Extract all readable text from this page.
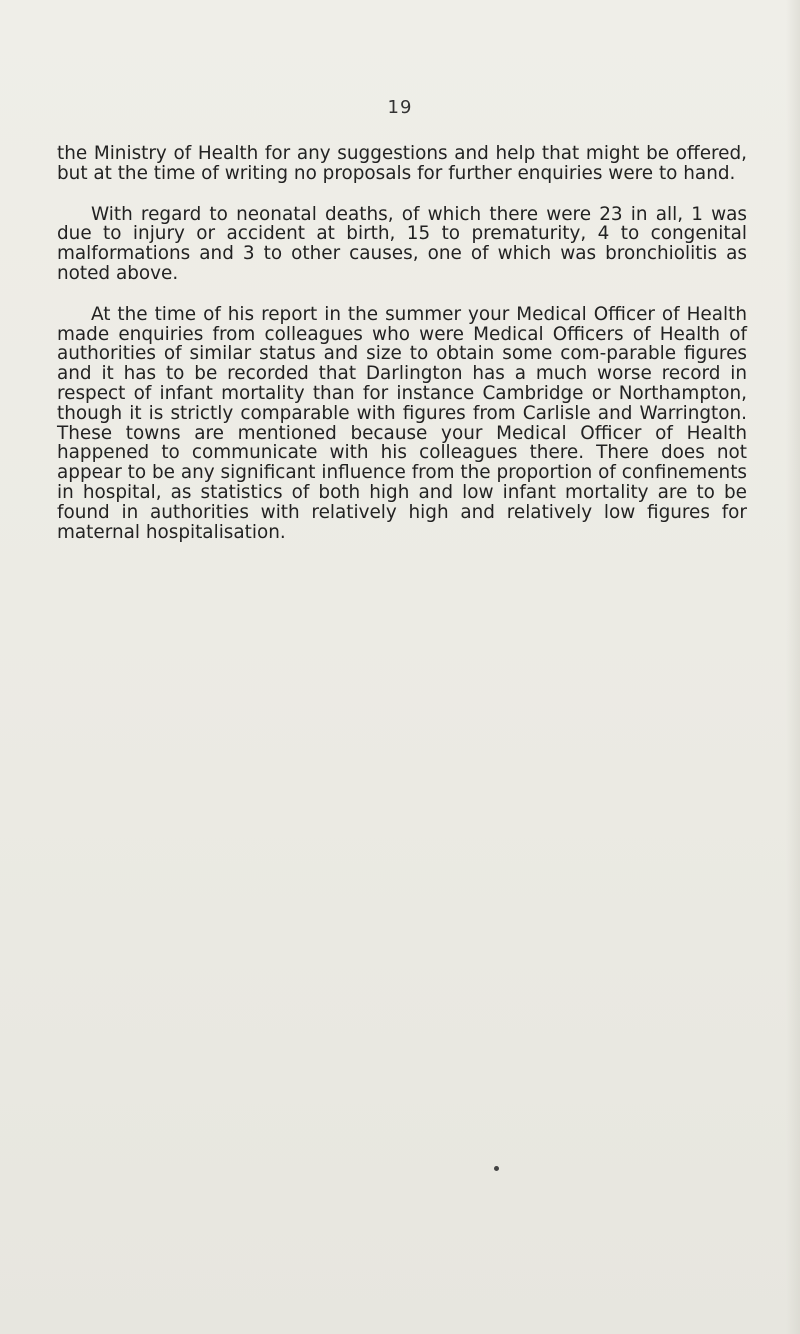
19

the Ministry of Health for any suggestions and help that might be offered, but at the time of writing no proposals for further enquiries were to hand.

With regard to neonatal deaths, of which there were 23 in all, 1 was due to injury or accident at birth, 15 to prematurity, 4 to congenital malformations and 3 to other causes, one of which was bronchiolitis as noted above.

At the time of his report in the summer your Medical Officer of Health made enquiries from colleagues who were Medical Officers of Health of authorities of similar status and size to obtain some com-parable figures and it has to be recorded that Darlington has a much worse record in respect of infant mortality than for instance Cambridge or Northampton, though it is strictly comparable with figures from Carlisle and Warrington. These towns are mentioned because your Medical Officer of Health happened to communicate with his colleagues there. There does not appear to be any significant influence from the proportion of confinements in hospital, as statistics of both high and low infant mortality are to be found in authorities with relatively high and relatively low figures for maternal hospitalisation.
